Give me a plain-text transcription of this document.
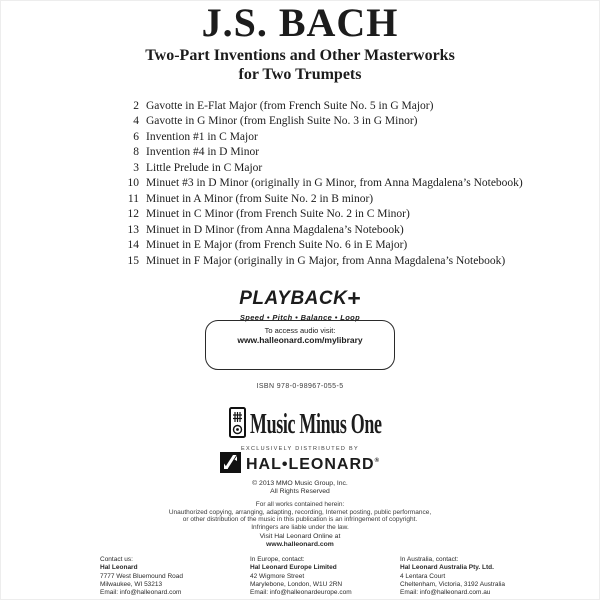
J.S. BACH
Two-Part Inventions and Other Masterworks
for Two Trumpets
2 Gavotte in E-Flat Major (from French Suite No. 5 in G Major)
4 Gavotte in G Minor (from English Suite No. 3 in G Minor)
6 Invention #1 in C Major
8 Invention #4 in D Minor
3 Little Prelude in C Major
10 Minuet #3 in D Minor (originally in G Minor, from Anna Magdalena’s Notebook)
11 Minuet in A Minor (from Suite No. 2 in B minor)
12 Minuet in C Minor (from French Suite No. 2 in C Minor)
13 Minuet in D Minor (from Anna Magdalena’s Notebook)
14 Minuet in E Major (from French Suite No. 6 in E Major)
15 Minuet in F Major (originally in G Major, from Anna Magdalena’s Notebook)
PLAYBACK+
Speed • Pitch • Balance • Loop
To access audio visit:
www.halleonard.com/mylibrary
ISBN 978-0-98967-055-5
Music Minus One
EXCLUSIVELY DISTRIBUTED BY
HAL•LEONARD®
© 2013 MMO Music Group, Inc.
All Rights Reserved
For all works contained herein:
Unauthorized copying, arranging, adapting, recording, Internet posting, public performance,
or other distribution of the music in this publication is an infringement of copyright.
Infringers are liable under the law.
Visit Hal Leonard Online at
www.halleonard.com
Contact us:
Hal Leonard
7777 West Bluemound Road
Milwaukee, WI 53213
Email: info@halleonard.com
In Europe, contact:
Hal Leonard Europe Limited
42 Wigmore Street
Marylebone, London, W1U 2RN
Email: info@halleonardeurope.com
In Australia, contact:
Hal Leonard Australia Pty. Ltd.
4 Lentara Court
Cheltenham, Victoria, 3192 Australia
Email: info@halleonard.com.au
